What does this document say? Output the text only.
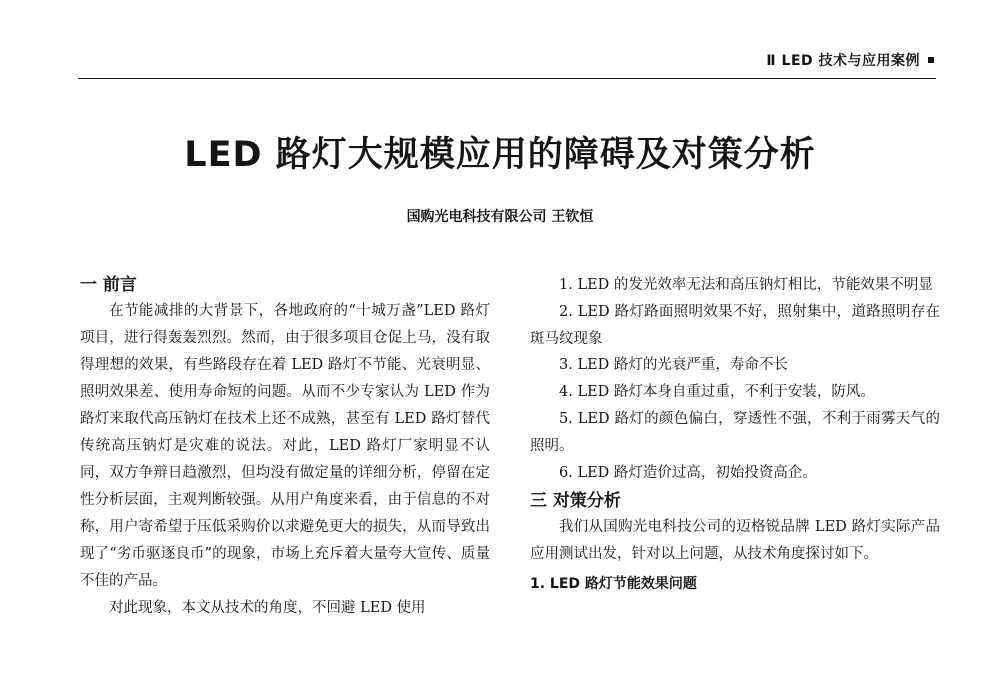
Ⅱ LED 技术与应用案例
LED 路灯大规模应用的障碍及对策分析
国购光电科技有限公司 王钦恒
一 前言

在节能减排的大背景下，各地政府的“十城万盏”LED 路灯项目，进行得轰轰烈烈。然而，由于很多项目仓促上马，没有取得理想的效果，有些路段存在着 LED 路灯不节能、光衰明显、照明效果差、使用寿命短的问题。从而不少专家认为 LED 作为路灯来取代高压钠灯在技术上还不成熟，甚至有 LED 路灯替代传统高压钠灯是灾难的说法。对此，LED 路灯厂家明显不认同，双方争辩日趋激烈，但均没有做定量的详细分析，停留在定性分析层面，主观判断较强。从用户角度来看，由于信息的不对称，用户寄希望于压低采购价以求避免更大的损失，从而导致出现了“劣币驱逐良币”的现象，市场上充斥着大量夸大宣传、质量不佳的产品。

对此现象，本文从技术的角度，不回避 LED 使用

1. LED 的发光效率无法和高压钠灯相比，节能效果不明显

2. LED 路灯路面照明效果不好，照射集中，道路照明存在斑马纹现象

3. LED 路灯的光衰严重，寿命不长

4. LED 路灯本身自重过重，不利于安装，防风。

5. LED 路灯的颜色偏白，穿透性不强，不利于雨雾天气的照明。

6. LED 路灯造价过高，初始投资高企。

三 对策分析

我们从国购光电科技公司的迈格锐品牌 LED 路灯实际产品应用测试出发，针对以上问题，从技术角度探讨如下。

1. LED 路灯节能效果问题
